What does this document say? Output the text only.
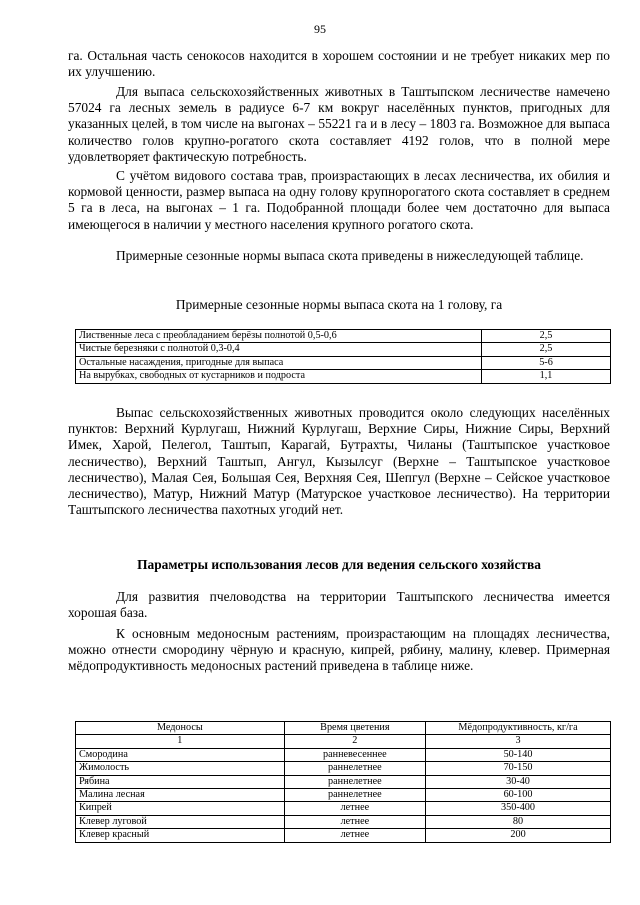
95

га. Остальная часть сенокосов находится в хорошем состоянии и не требует никаких мер по их улучшению.

Для выпаса сельскохозяйственных животных в Таштыпском лесничестве намечено 57024 га лесных земель в радиусе 6-7 км вокруг населённых пунктов, пригодных для указанных целей, в том числе на выгонах – 55221 га и в лесу – 1803 га. Возможное для выпаса количество голов крупно-рогатого скота составляет 4192 голов, что в полной мере удовлетворяет фактическую потребность.

С учётом видового состава трав, произрастающих в лесах лесничества, их обилия и кормовой ценности, размер выпаса на одну голову крупнорогатого скота составляет в среднем 5 га в леса, на выгонах – 1 га. Подобранной площади более чем достаточно для выпаса имеющегося в наличии у местного населения крупного рогатого скота.

Примерные сезонные нормы выпаса скота приведены в нижеследующей таблице.

Примерные сезонные нормы выпаса скота на 1 голову, га
Лиственные леса с преобладанием берёзы полнотой 0,5-0,6	2,5
Чистые березняки с полнотой 0,3-0,4	2,5
Остальные насаждения, пригодные для выпаса	5-6
На вырубках, свободных от кустарников и подроста	1,1

Выпас сельскохозяйственных животных проводится около следующих населённых пунктов: Верхний Курлугаш, Нижний Курлугаш, Верхние Сиры, Нижние Сиры, Верхний Имек, Харой, Пелегол, Таштып, Карагай, Бутрахты, Чиланы (Таштыпское участковое лесничество), Верхний Таштып, Ангул, Кызылсуг (Верхне – Таштыпское участковое лесничество), Малая Сея, Большая Сея, Верхняя Сея, Шепгул (Верхне – Сейское участковое лесничество), Матур, Нижний Матур (Матурское участковое лесничество). На территории Таштыпского лесничества пахотных угодий нет.

Параметры использования лесов для ведения сельского хозяйства

Для развития пчеловодства на территории Таштыпского лесничества имеется хорошая база.

К основным медоносным растениям, произрастающим на площадях лесничества, можно отнести смородину чёрную и красную, кипрей, рябину, малину, клевер. Примерная мёдопродуктивность медоносных растений приведена в таблице ниже.

Медоносы	Время цветения	Мёдопродуктивность, кг/га
1	2	3
Смородина	ранневесеннее	50-140
Жимолость	раннелетнее	70-150
Рябина	раннелетнее	30-40
Малина лесная	раннелетнее	60-100
Кипрей	летнее	350-400
Клевер луговой	летнее	80
Клевер красный	летнее	200
